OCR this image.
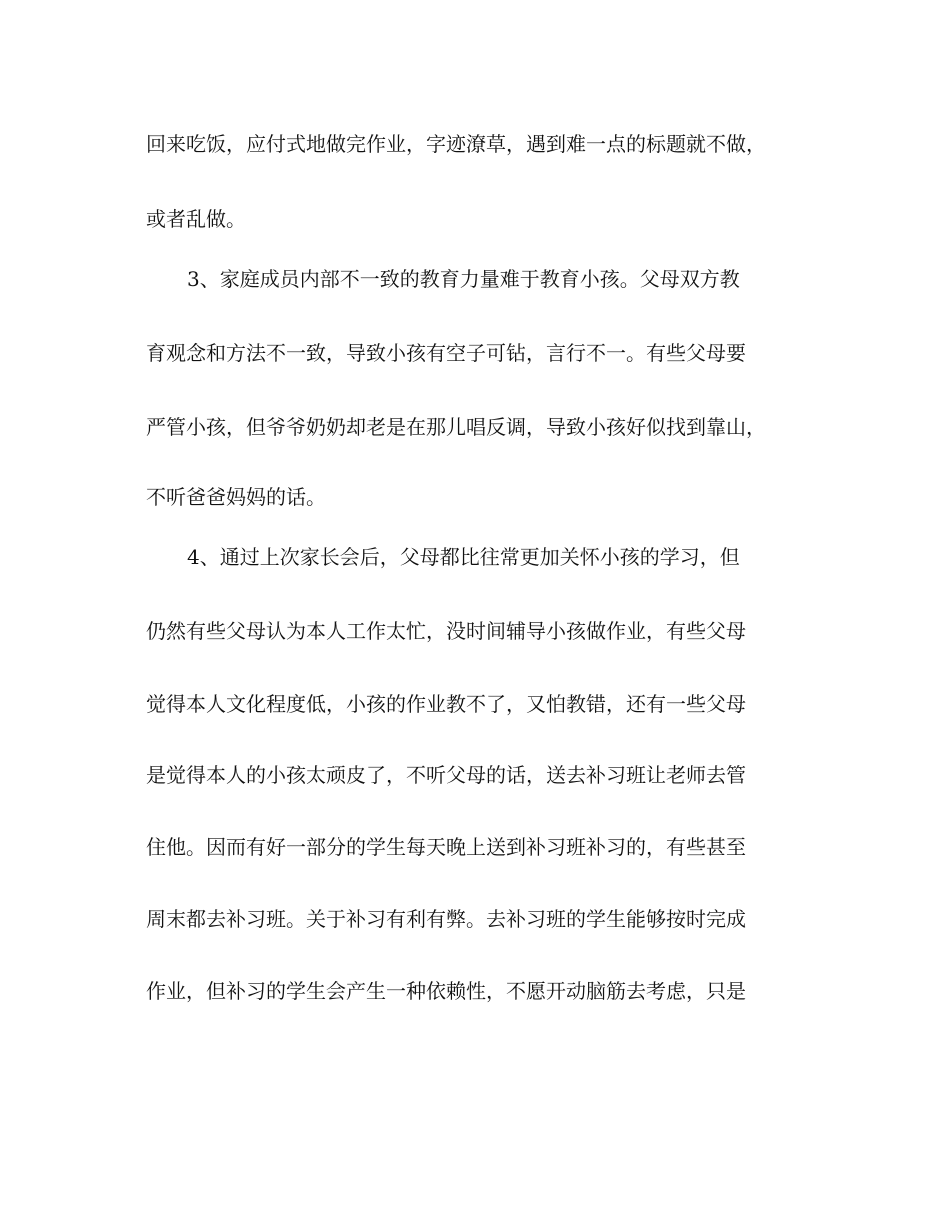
回来吃饭，应付式地做完作业，字迹潦草，遇到难一点的标题就不做，

或者乱做。

3、家庭成员内部不一致的教育力量难于教育小孩。父母双方教

育观念和方法不一致，导致小孩有空子可钻，言行不一。有些父母要

严管小孩，但爷爷奶奶却老是在那儿唱反调，导致小孩好似找到靠山，

不听爸爸妈妈的话。

4、通过上次家长会后，父母都比往常更加关怀小孩的学习，但

仍然有些父母认为本人工作太忙，没时间辅导小孩做作业，有些父母

觉得本人文化程度低，小孩的作业教不了，又怕教错，还有一些父母

是觉得本人的小孩太顽皮了，不听父母的话，送去补习班让老师去管

住他。因而有好一部分的学生每天晚上送到补习班补习的，有些甚至

周末都去补习班。关于补习有利有弊。去补习班的学生能够按时完成

作业，但补习的学生会产生一种依赖性，不愿开动脑筋去考虑，只是
